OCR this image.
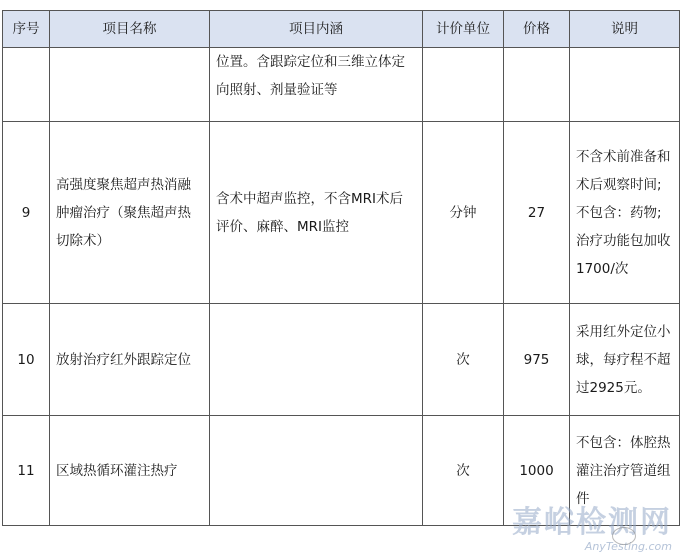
序号	项目名称	项目内涵	计价单位	价格	说明
		位置。含跟踪定位和三维立体定向照射、剂量验证等			
9	高强度聚焦超声热消融肿瘤治疗（聚焦超声热切除术）	含术中超声监控，不含MRI术后评价、麻醉、MRI监控	分钟	27	不含术前准备和术后观察时间;不包含：药物;治疗功能包加收1700/次
10	放射治疗红外跟踪定位		次	975	采用红外定位小球，每疗程不超过2925元。
11	区域热循环灌注热疗		次	1000	不包含：体腔热灌注治疗管道组件
嘉峪检测网
AnyTesting.com
